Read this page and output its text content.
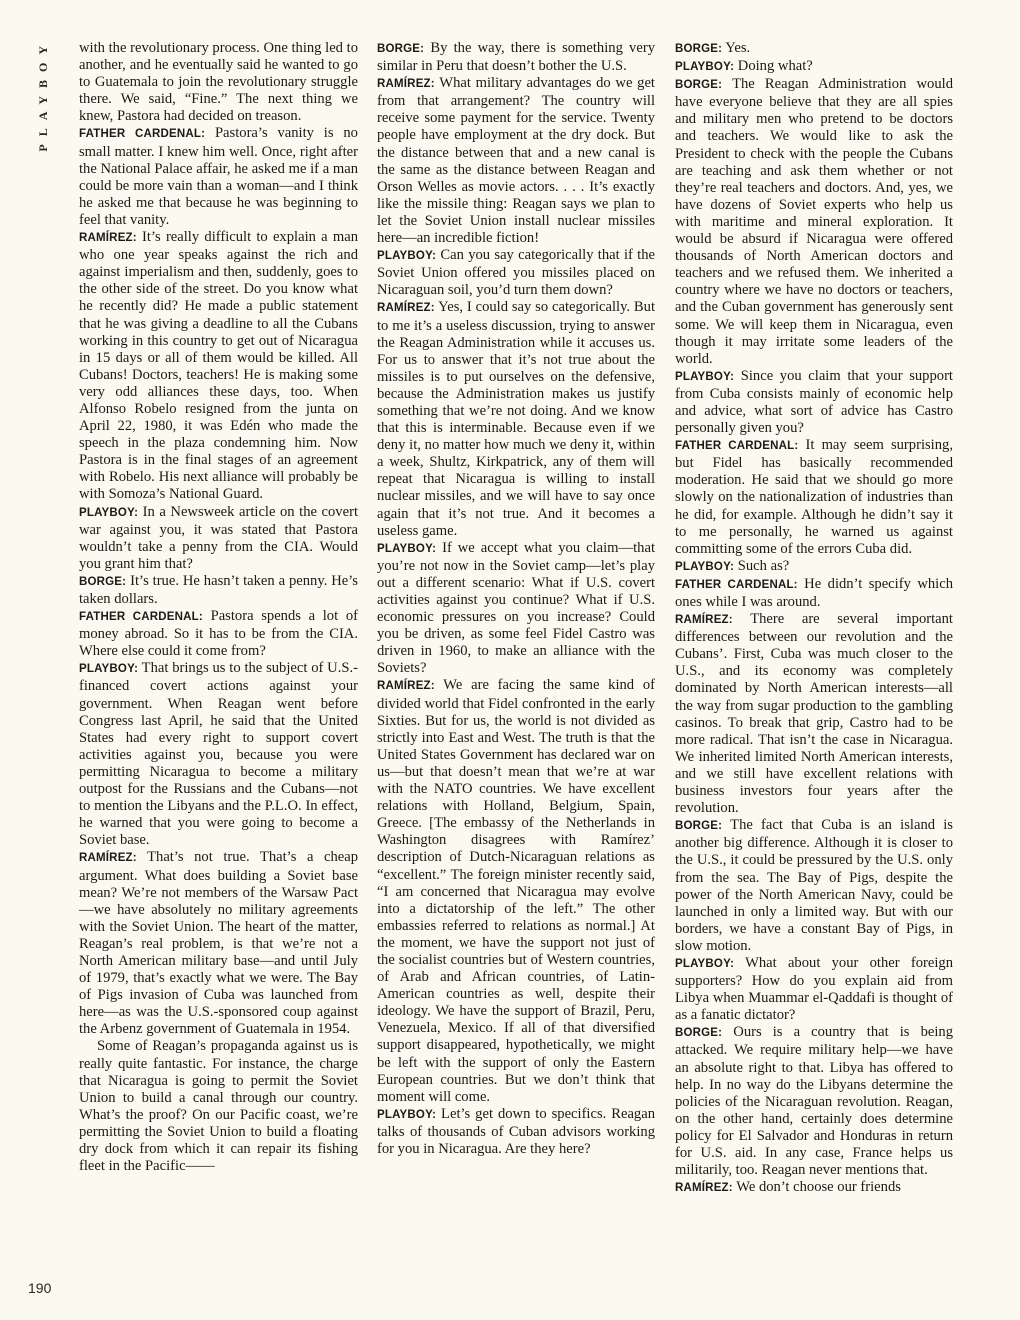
PLAYBOY
190

with the revolutionary process. One thing led to another, and he eventually said he wanted to go to Guatemala to join the revolutionary struggle there. We said, “Fine.” The next thing we knew, Pastora had decided on treason.

FATHER CARDENAL: Pastora’s vanity is no small matter. I knew him well. Once, right after the National Palace affair, he asked me if a man could be more vain than a woman—and I think he asked me that because he was beginning to feel that vanity.

RAMÍREZ: It’s really difficult to explain a man who one year speaks against the rich and against imperialism and then, suddenly, goes to the other side of the street. Do you know what he recently did? He made a public statement that he was giving a deadline to all the Cubans working in this country to get out of Nicaragua in 15 days or all of them would be killed. All Cubans! Doctors, teachers! He is making some very odd alliances these days, too. When Alfonso Robelo resigned from the junta on April 22, 1980, it was Edén who made the speech in the plaza condemning him. Now Pastora is in the final stages of an agreement with Robelo. His next alliance will probably be with Somoza’s National Guard.

PLAYBOY: In a Newsweek article on the covert war against you, it was stated that Pastora wouldn’t take a penny from the CIA. Would you grant him that?

BORGE: It’s true. He hasn’t taken a penny. He’s taken dollars.

FATHER CARDENAL: Pastora spends a lot of money abroad. So it has to be from the CIA. Where else could it come from?

PLAYBOY: That brings us to the subject of U.S.-financed covert actions against your government. When Reagan went before Congress last April, he said that the United States had every right to support covert activities against you, because you were permitting Nicaragua to become a military outpost for the Russians and the Cubans—not to mention the Libyans and the P.L.O. In effect, he warned that you were going to become a Soviet base.

RAMÍREZ: That’s not true. That’s a cheap argument. What does building a Soviet base mean? We’re not members of the Warsaw Pact—we have absolutely no military agreements with the Soviet Union. The heart of the matter, Reagan’s real problem, is that we’re not a North American military base—and until July of 1979, that’s exactly what we were. The Bay of Pigs invasion of Cuba was launched from here—as was the U.S.-sponsored coup against the Arbenz government of Guatemala in 1954.

Some of Reagan’s propaganda against us is really quite fantastic. For instance, the charge that Nicaragua is going to permit the Soviet Union to build a canal through our country. What’s the proof? On our Pacific coast, we’re permitting the Soviet Union to build a floating dry dock from which it can repair its fishing fleet in the Pacific——

BORGE: By the way, there is something very similar in Peru that doesn’t bother the U.S.

RAMÍREZ: What military advantages do we get from that arrangement? The country will receive some payment for the service. Twenty people have employment at the dry dock. But the distance between that and a new canal is the same as the distance between Reagan and Orson Welles as movie actors. . . . It’s exactly like the missile thing: Reagan says we plan to let the Soviet Union install nuclear missiles here—an incredible fiction!

PLAYBOY: Can you say categorically that if the Soviet Union offered you missiles placed on Nicaraguan soil, you’d turn them down?

RAMÍREZ: Yes, I could say so categorically. But to me it’s a useless discussion, trying to answer the Reagan Administration while it accuses us. For us to answer that it’s not true about the missiles is to put ourselves on the defensive, because the Administration makes us justify something that we’re not doing. And we know that this is interminable. Because even if we deny it, no matter how much we deny it, within a week, Shultz, Kirkpatrick, any of them will repeat that Nicaragua is willing to install nuclear missiles, and we will have to say once again that it’s not true. And it becomes a useless game.

PLAYBOY: If we accept what you claim—that you’re not now in the Soviet camp—let’s play out a different scenario: What if U.S. covert activities against you continue? What if U.S. economic pressures on you increase? Could you be driven, as some feel Fidel Castro was driven in 1960, to make an alliance with the Soviets?

RAMÍREZ: We are facing the same kind of divided world that Fidel confronted in the early Sixties. But for us, the world is not divided as strictly into East and West. The truth is that the United States Government has declared war on us—but that doesn’t mean that we’re at war with the NATO countries. We have excellent relations with Holland, Belgium, Spain, Greece. [The embassy of the Netherlands in Washington disagrees with Ramírez’ description of Dutch-Nicaraguan relations as “excellent.” The foreign minister recently said, “I am concerned that Nicaragua may evolve into a dictatorship of the left.” The other embassies referred to relations as normal.] At the moment, we have the support not just of the socialist countries but of Western countries, of Arab and African countries, of Latin-American countries as well, despite their ideology. We have the support of Brazil, Peru, Venezuela, Mexico. If all of that diversified support disappeared, hypothetically, we might be left with the support of only the Eastern European countries. But we don’t think that moment will come.

PLAYBOY: Let’s get down to specifics. Reagan talks of thousands of Cuban advisors working for you in Nicaragua. Are they here?

BORGE: Yes.

PLAYBOY: Doing what?

BORGE: The Reagan Administration would have everyone believe that they are all spies and military men who pretend to be doctors and teachers. We would like to ask the President to check with the people the Cubans are teaching and ask them whether or not they’re real teachers and doctors. And, yes, we have dozens of Soviet experts who help us with maritime and mineral exploration. It would be absurd if Nicaragua were offered thousands of North American doctors and teachers and we refused them. We inherited a country where we have no doctors or teachers, and the Cuban government has generously sent some. We will keep them in Nicaragua, even though it may irritate some leaders of the world.

PLAYBOY: Since you claim that your support from Cuba consists mainly of economic help and advice, what sort of advice has Castro personally given you?

FATHER CARDENAL: It may seem surprising, but Fidel has basically recommended moderation. He said that we should go more slowly on the nationalization of industries than he did, for example. Although he didn’t say it to me personally, he warned us against committing some of the errors Cuba did.

PLAYBOY: Such as?

FATHER CARDENAL: He didn’t specify which ones while I was around.

RAMÍREZ: There are several important differences between our revolution and the Cubans’. First, Cuba was much closer to the U.S., and its economy was completely dominated by North American interests—all the way from sugar production to the gambling casinos. To break that grip, Castro had to be more radical. That isn’t the case in Nicaragua. We inherited limited North American interests, and we still have excellent relations with business investors four years after the revolution.

BORGE: The fact that Cuba is an island is another big difference. Although it is closer to the U.S., it could be pressured by the U.S. only from the sea. The Bay of Pigs, despite the power of the North American Navy, could be launched in only a limited way. But with our borders, we have a constant Bay of Pigs, in slow motion.

PLAYBOY: What about your other foreign supporters? How do you explain aid from Libya when Muammar el-Qaddafi is thought of as a fanatic dictator?

BORGE: Ours is a country that is being attacked. We require military help—we have an absolute right to that. Libya has offered to help. In no way do the Libyans determine the policies of the Nicaraguan revolution. Reagan, on the other hand, certainly does determine policy for El Salvador and Honduras in return for U.S. aid. In any case, France helps us militarily, too. Reagan never mentions that.

RAMÍREZ: We don’t choose our friends
